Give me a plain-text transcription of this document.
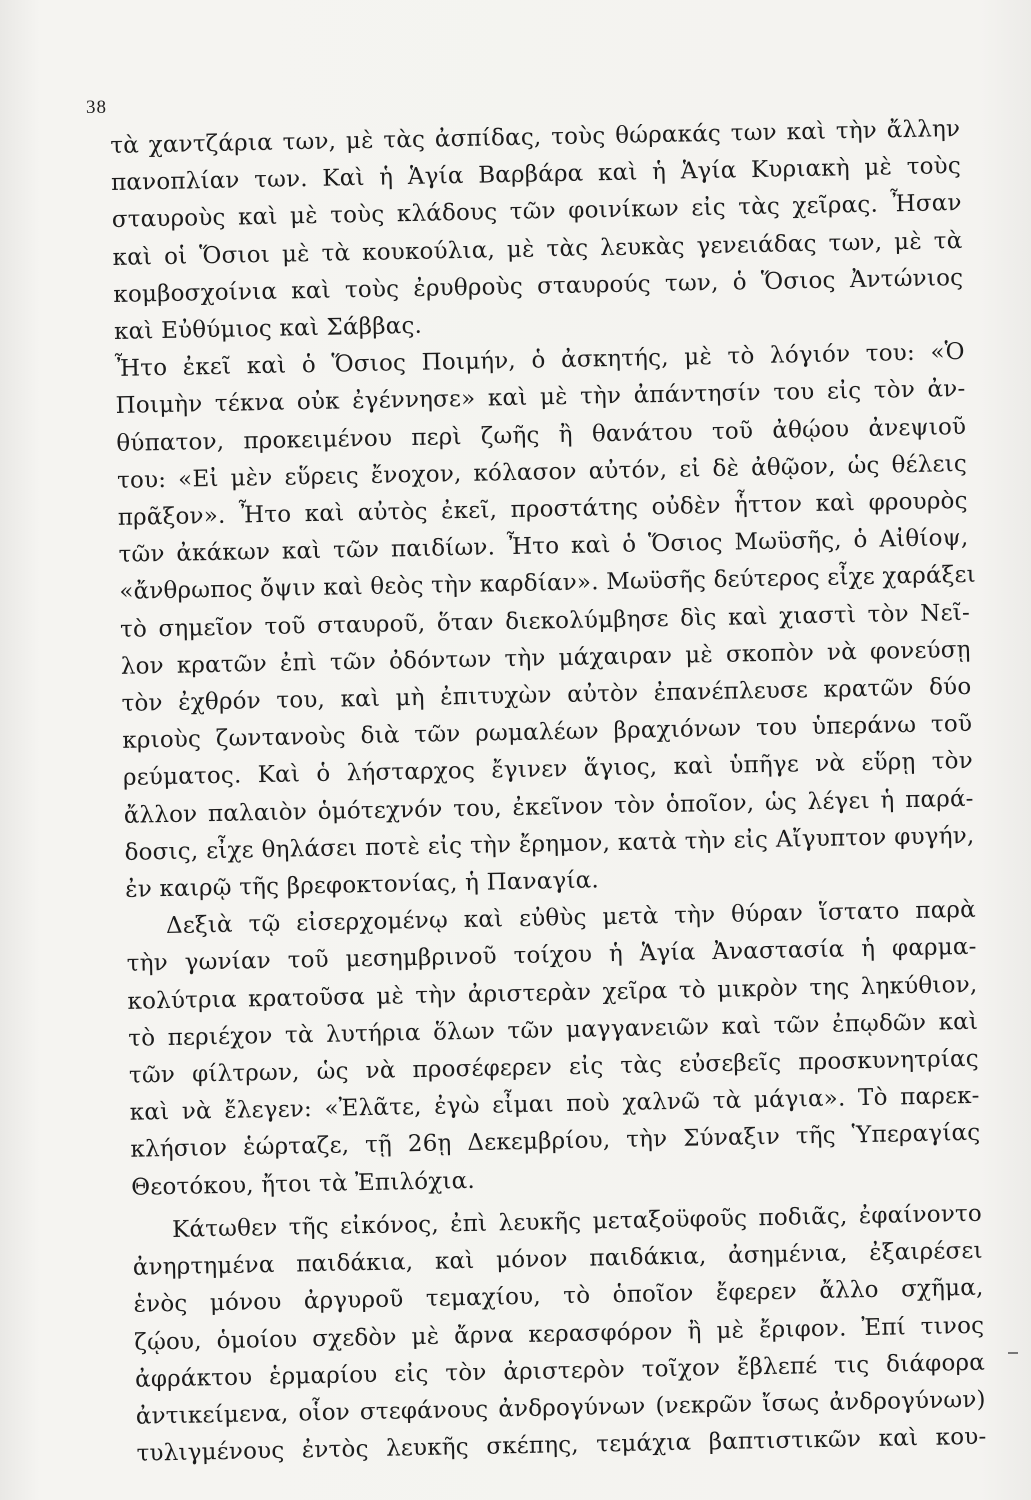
38
τὰ χαντζάρια των, μὲ τὰς ἀσπίδας, τοὺς θώρακάς των καὶ τὴν ἄλλην
πανοπλίαν των. Καὶ ἡ Ἁγία Βαρβάρα καὶ ἡ Ἁγία Κυριακὴ μὲ τοὺς
σταυροὺς καὶ μὲ τοὺς κλάδους τῶν φοινίκων εἰς τὰς χεῖρας. Ἦσαν
καὶ οἱ Ὅσιοι μὲ τὰ κουκούλια, μὲ τὰς λευκὰς γενειάδας των, μὲ τὰ
κομβοσχοίνια καὶ τοὺς ἐρυθροὺς σταυρούς των, ὁ Ὅσιος Ἀντώνιος
καὶ Εὐθύμιος καὶ Σάββας.
Ἦτο ἐκεῖ καὶ ὁ Ὅσιος Ποιμήν, ὁ ἀσκητής, μὲ τὸ λόγιόν του: «Ὁ
Ποιμὴν τέκνα οὐκ ἐγέννησε» καὶ μὲ τὴν ἀπάντησίν του εἰς τὸν ἀν-
θύπατον, προκειμένου περὶ ζωῆς ἢ θανάτου τοῦ ἀθῴου ἀνεψιοῦ
του: «Εἰ μὲν εὕρεις ἔνοχον, κόλασον αὐτόν, εἰ δὲ ἀθῷον, ὡς θέλεις
πρᾶξον». Ἦτο καὶ αὐτὸς ἐκεῖ, προστάτης οὐδὲν ἧττον καὶ φρουρὸς
τῶν ἀκάκων καὶ τῶν παιδίων. Ἦτο καὶ ὁ Ὅσιος Μωϋσῆς, ὁ Αἰθίοψ,
«ἄνθρωπος ὄψιν καὶ θεὸς τὴν καρδίαν». Μωϋσῆς δεύτερος εἶχε χαράξει
τὸ σημεῖον τοῦ σταυροῦ, ὅταν διεκολύμβησε δὶς καὶ χιαστὶ τὸν Νεῖ-
λον κρατῶν ἐπὶ τῶν ὀδόντων τὴν μάχαιραν μὲ σκοπὸν νὰ φονεύσῃ
τὸν ἐχθρόν του, καὶ μὴ ἐπιτυχὼν αὐτὸν ἐπανέπλευσε κρατῶν δύο
κριοὺς ζωντανοὺς διὰ τῶν ρωμαλέων βραχιόνων του ὑπεράνω τοῦ
ρεύματος. Καὶ ὁ λήσταρχος ἔγινεν ἅγιος, καὶ ὑπῆγε νὰ εὕρῃ τὸν
ἄλλον παλαιὸν ὁμότεχνόν του, ἐκεῖνον τὸν ὁποῖον, ὡς λέγει ἡ παρά-
δοσις, εἶχε θηλάσει ποτὲ εἰς τὴν ἔρημον, κατὰ τὴν εἰς Αἴγυπτον φυγήν,
ἐν καιρῷ τῆς βρεφοκτονίας, ἡ Παναγία.
Δεξιὰ τῷ εἰσερχομένῳ καὶ εὐθὺς μετὰ τὴν θύραν ἵστατο παρὰ
τὴν γωνίαν τοῦ μεσημβρινοῦ τοίχου ἡ Ἁγία Ἀναστασία ἡ φαρμα-
κολύτρια κρατοῦσα μὲ τὴν ἀριστερὰν χεῖρα τὸ μικρὸν της ληκύθιον,
τὸ περιέχον τὰ λυτήρια ὅλων τῶν μαγγανειῶν καὶ τῶν ἐπῳδῶν καὶ
τῶν φίλτρων, ὡς νὰ προσέφερεν εἰς τὰς εὐσεβεῖς προσκυνητρίας
καὶ νὰ ἔλεγεν: «Ἐλᾶτε, ἐγὼ εἶμαι ποὺ χαλνῶ τὰ μάγια». Τὸ παρεκ-
κλήσιον ἑώρταζε, τῇ 26ῃ Δεκεμβρίου, τὴν Σύναξιν τῆς Ὑπεραγίας
Θεοτόκου, ἤτοι τὰ Ἐπιλόχια.
Κάτωθεν τῆς εἰκόνος, ἐπὶ λευκῆς μεταξοϋφοῦς ποδιᾶς, ἐφαίνοντο
ἀνηρτημένα παιδάκια, καὶ μόνον παιδάκια, ἀσημένια, ἐξαιρέσει
ἑνὸς μόνου ἀργυροῦ τεμαχίου, τὸ ὁποῖον ἔφερεν ἄλλο σχῆμα,
ζῴου, ὁμοίου σχεδὸν μὲ ἄρνα κερασφόρον ἢ μὲ ἔριφον. Ἐπί τινος
ἀφράκτου ἑρμαρίου εἰς τὸν ἀριστερὸν τοῖχον ἔβλεπέ τις διάφορα
ἀντικείμενα, οἷον στεφάνους ἀνδρογύνων (νεκρῶν ἴσως ἀνδρογύνων)
τυλιγμένους ἐντὸς λευκῆς σκέπης, τεμάχια βαπτιστικῶν καὶ κου-
